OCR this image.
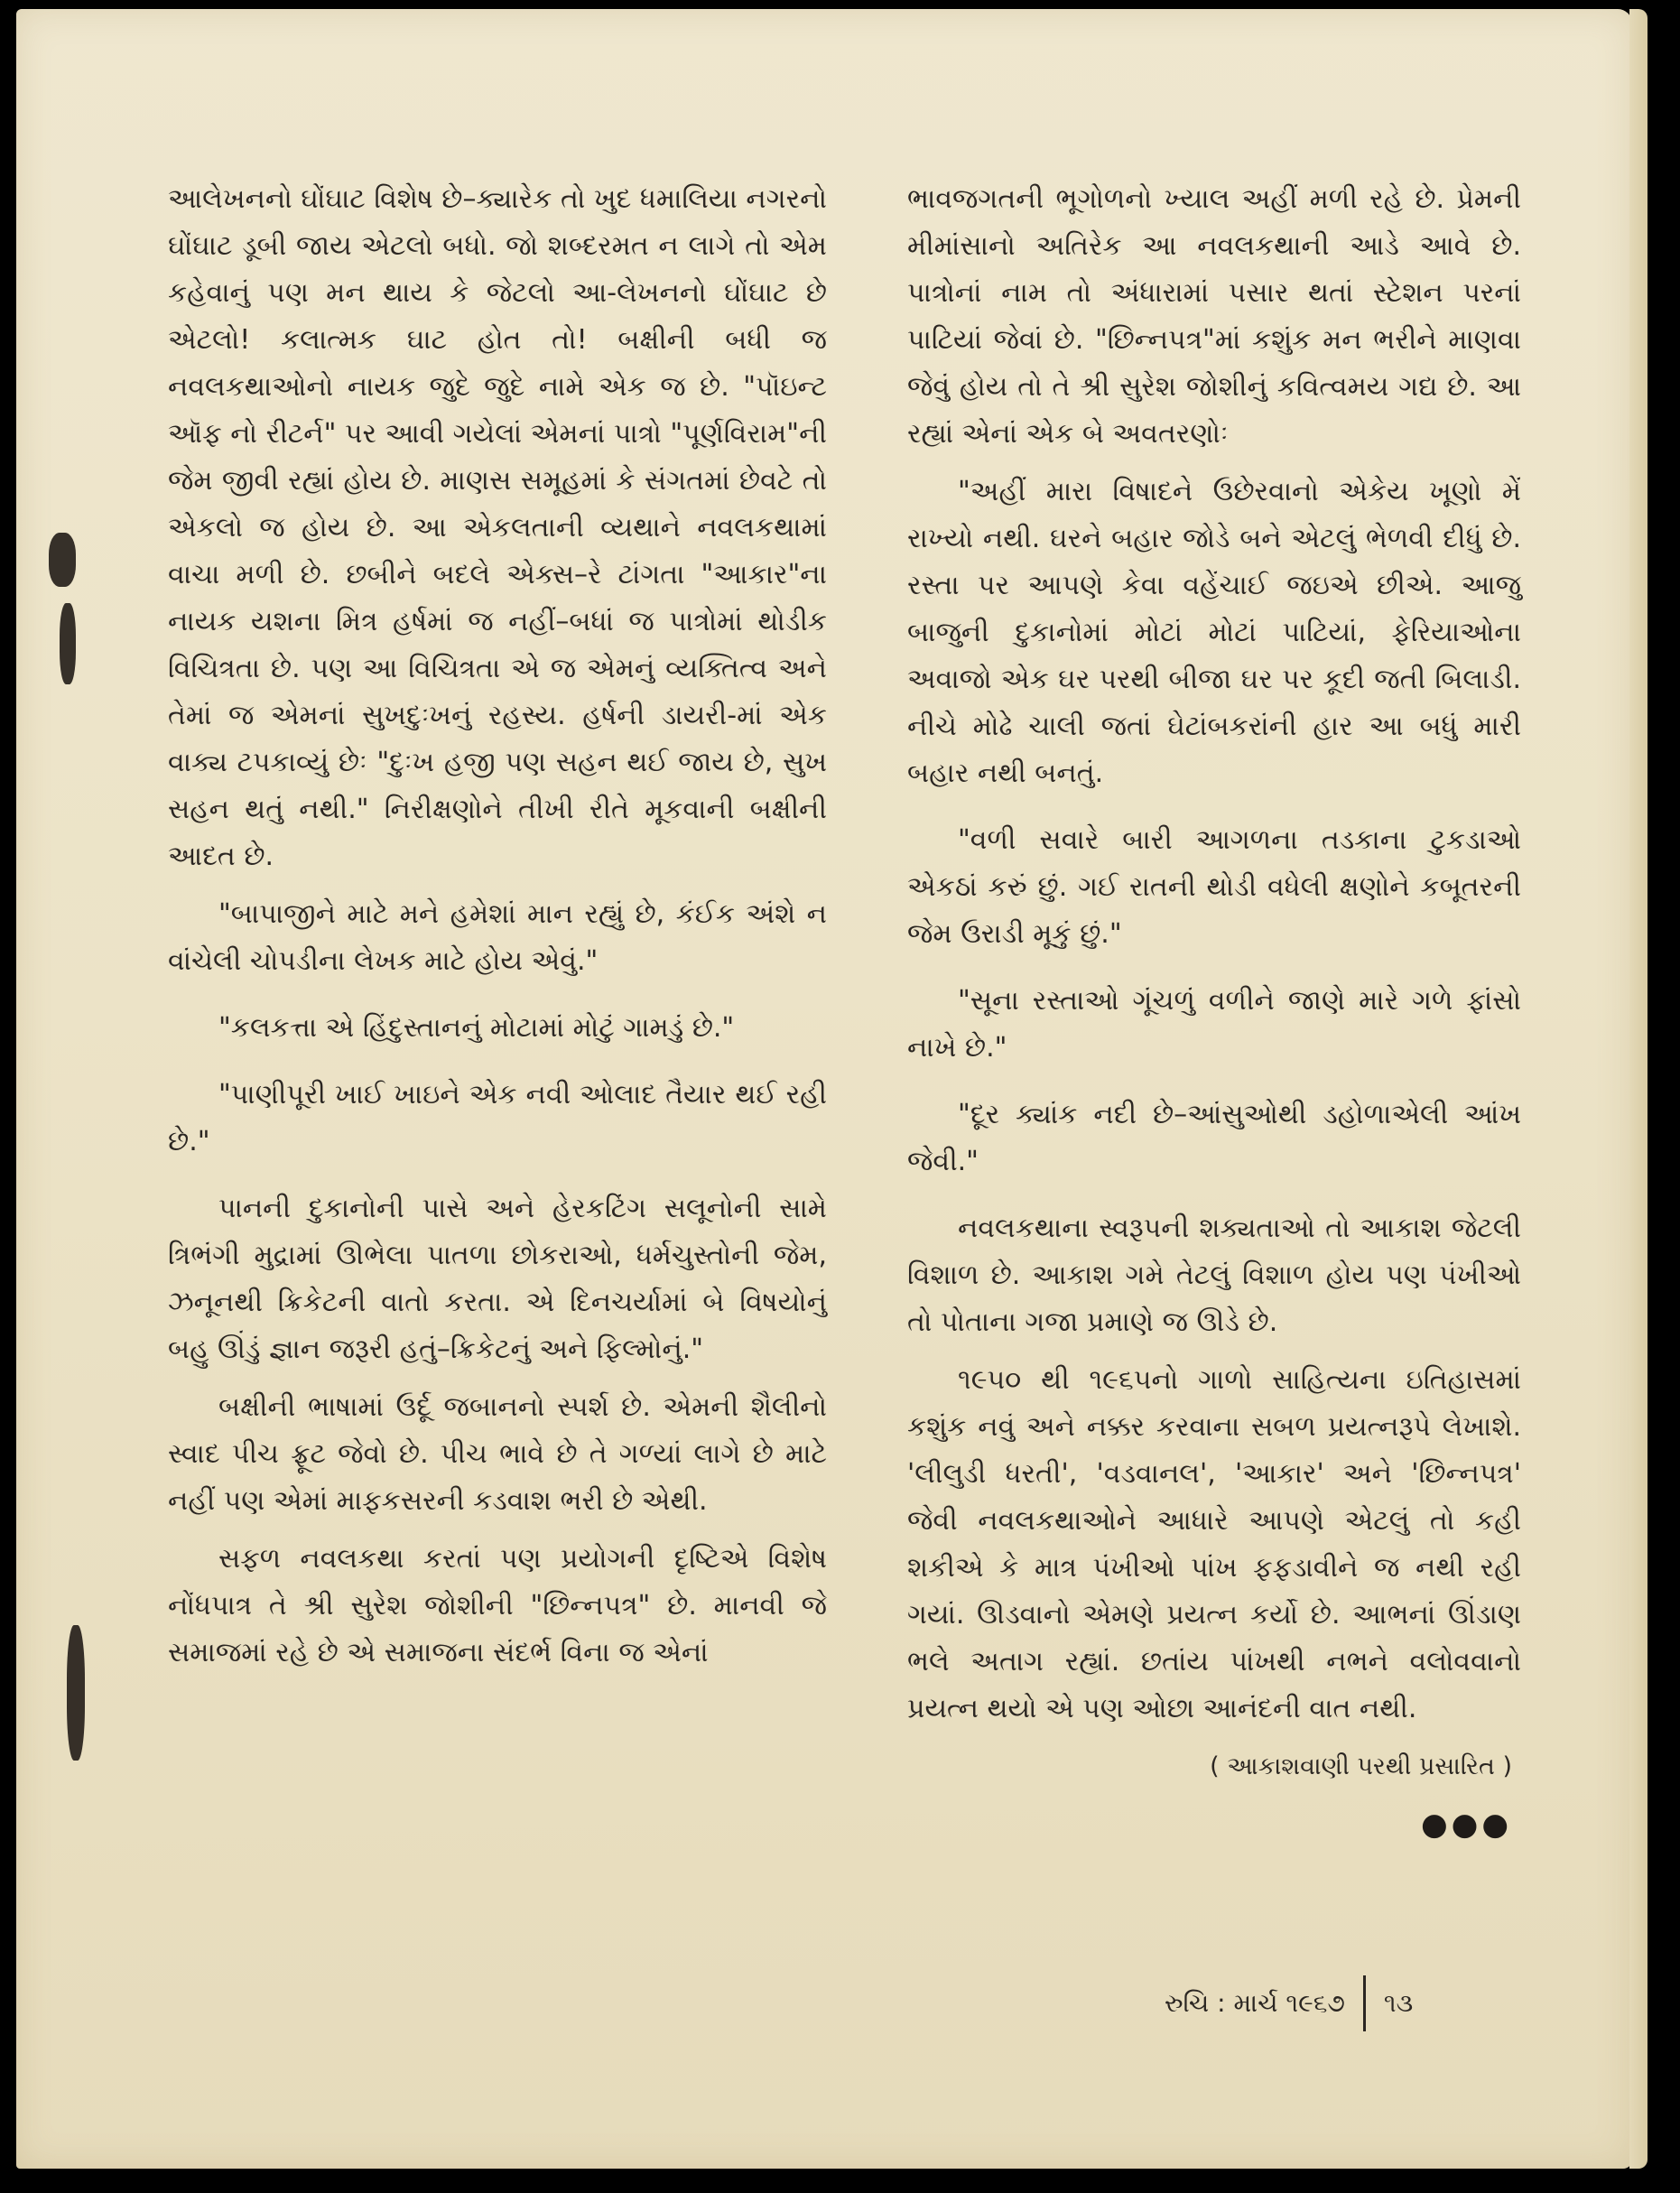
આલેખનનો ઘોંઘાટ વિશેષ છે–ક્યારેક તો ખુદ ધમાલિયા નગરનો ઘોંઘાટ ડૂબી જાય એટલો બધો. જો શબ્દરમત ન લાગે તો એમ કહેવાનું પણ મન થાય કે જેટલો આ-લેખનનો ઘોંઘાટ છે એટલો! કલાત્મક ઘાટ હોત તો! બક્ષીની બધી જ નવલકથાઓનો નાયક જુદે જુદે નામે એક જ છે. "પૉઇન્ટ ઑફ નો રીટર્ન" પર આવી ગયેલાં એમનાં પાત્રો "પૂર્ણવિરામ"ની જેમ જીવી રહ્યાં હોય છે. માણસ સમૂહમાં કે સંગતમાં છેવટે તો એકલો જ હોય છે. આ એકલતાની વ્યથાને નવલકથામાં વાચા મળી છે. છબીને બદલે એક્સ–રે ટાંગતા "આકાર"ના નાયક યશના મિત્ર હર્ષમાં જ નહીં–બધાં જ પાત્રોમાં થોડીક વિચિત્રતા છે. પણ આ વિચિત્રતા એ જ એમનું વ્યક્તિત્વ અને તેમાં જ એમનાં સુખદુઃખનું રહસ્ય. હર્ષની ડાયરી-માં એક વાક્ય ટપકાવ્યું છેઃ "દુઃખ હજી પણ સહન થઈ જાય છે, સુખ સહન થતું નથી." નિરીક્ષણોને તીખી રીતે મૂકવાની બક્ષીની આદત છે.

"બાપાજીને માટે મને હમેશાં માન રહ્યું છે, કંઈક અંશે ન વાંચેલી ચોપડીના લેખક માટે હોય એવું."

"કલકત્તા એ હિંદુસ્તાનનું મોટામાં મોટું ગામડું છે."

"પાણીપૂરી ખાઈ ખાઇને એક નવી ઓલાદ તૈયાર થઈ રહી છે."

પાનની દુકાનોની પાસે અને હેરકટિંગ સલૂનોની સામે ત્રિભંગી મુદ્રામાં ઊભેલા પાતળા છોકરાઓ, ધર્મચુસ્તોની જેમ, ઝનૂનથી ક્રિકેટની વાતો કરતા. એ દિનચર્યામાં બે વિષયોનું બહુ ઊંડું જ્ઞાન જરૂરી હતું–ક્રિકેટનું અને ફિલ્મોનું."

બક્ષીની ભાષામાં ઉર્દૂ જબાનનો સ્પર્શ છે. એમની શૈલીનો સ્વાદ પીચ ફ્રૂટ જેવો છે. પીચ ભાવે છે તે ગળ્યાં લાગે છે માટે નહીં પણ એમાં માફકસરની કડવાશ ભરી છે એથી.

સફળ નવલકથા કરતાં પણ પ્રયોગની દૃષ્ટિએ વિશેષ નોંધપાત્ર તે શ્રી સુરેશ જોશીની "છિન્નપત્ર" છે. માનવી જે સમાજમાં રહે છે એ સમાજના સંદર્ભ વિના જ એનાં

ભાવજગતની ભૂગોળનો ખ્યાલ અહીં મળી રહે છે. પ્રેમની મીમાંસાનો અતિરેક આ નવલકથાની આડે આવે છે. પાત્રોનાં નામ તો અંધારામાં પસાર થતાં સ્ટેશન પરનાં પાટિયાં જેવાં છે. "છિન્નપત્ર"માં કશુંક મન ભરીને માણવા જેવું હોય તો તે શ્રી સુરેશ જોશીનું કવિત્વમય ગદ્ય છે. આ રહ્યાં એનાં એક બે અવતરણોઃ

"અહીં મારા વિષાદને ઉછેરવાનો એકેય ખૂણો મેં રાખ્યો નથી. ઘરને બહાર જોડે બને એટલું ભેળવી દીધું છે. રસ્તા પર આપણે કેવા વહેંચાઈ જઇએ છીએ. આજુ બાજુની દુકાનોમાં મોટાં મોટાં પાટિયાં, ફેરિયાઓના અવાજો એક ઘર પરથી બીજા ઘર પર કૂદી જતી બિલાડી. નીચે મોઢે ચાલી જતાં ઘેટાંબકરાંની હાર આ બધું મારી બહાર નથી બનતું.

"વળી સવારે બારી આગળના તડકાના ટુકડાઓ એકઠાં કરું છું. ગઈ રાતની થોડી વધેલી ક્ષણોને કબૂતરની જેમ ઉરાડી મૂકું છું."

"સૂના રસ્તાઓ ગૂંચળું વળીને જાણે મારે ગળે ફાંસો નાખે છે."

"દૂર ક્યાંક નદી છે–આંસુઓથી ડહોળાએલી આંખ જેવી."

નવલકથાના સ્વરૂપની શક્યતાઓ તો આકાશ જેટલી વિશાળ છે. આકાશ ગમે તેટલું વિશાળ હોય પણ પંખીઓ તો પોતાના ગજા પ્રમાણે જ ઊડે છે.

૧૯૫૦ થી ૧૯૬૫નો ગાળો સાહિત્યના ઇતિહાસમાં કશુંક નવું અને નક્કર કરવાના સબળ પ્રયત્નરૂપે લેખાશે. 'લીલુડી ધરતી', 'વડવાનલ', 'આકાર' અને 'છિન્નપત્ર' જેવી નવલકથાઓને આધારે આપણે એટલું તો કહી શકીએ કે માત્ર પંખીઓ પાંખ ફફડાવીને જ નથી રહી ગયાં. ઊડવાનો એમણે પ્રયત્ન કર્યો છે. આભનાં ઊંડાણ ભલે અતાગ રહ્યાં. છતાંય પાંખથી નભને વલોવવાનો પ્રયત્ન થયો એ પણ ઓછા આનંદની વાત નથી.

( આકાશવાણી પરથી પ્રસારિત )
●●●
રુચિ : માર્ચ ૧૯૬૭ ૧૩
